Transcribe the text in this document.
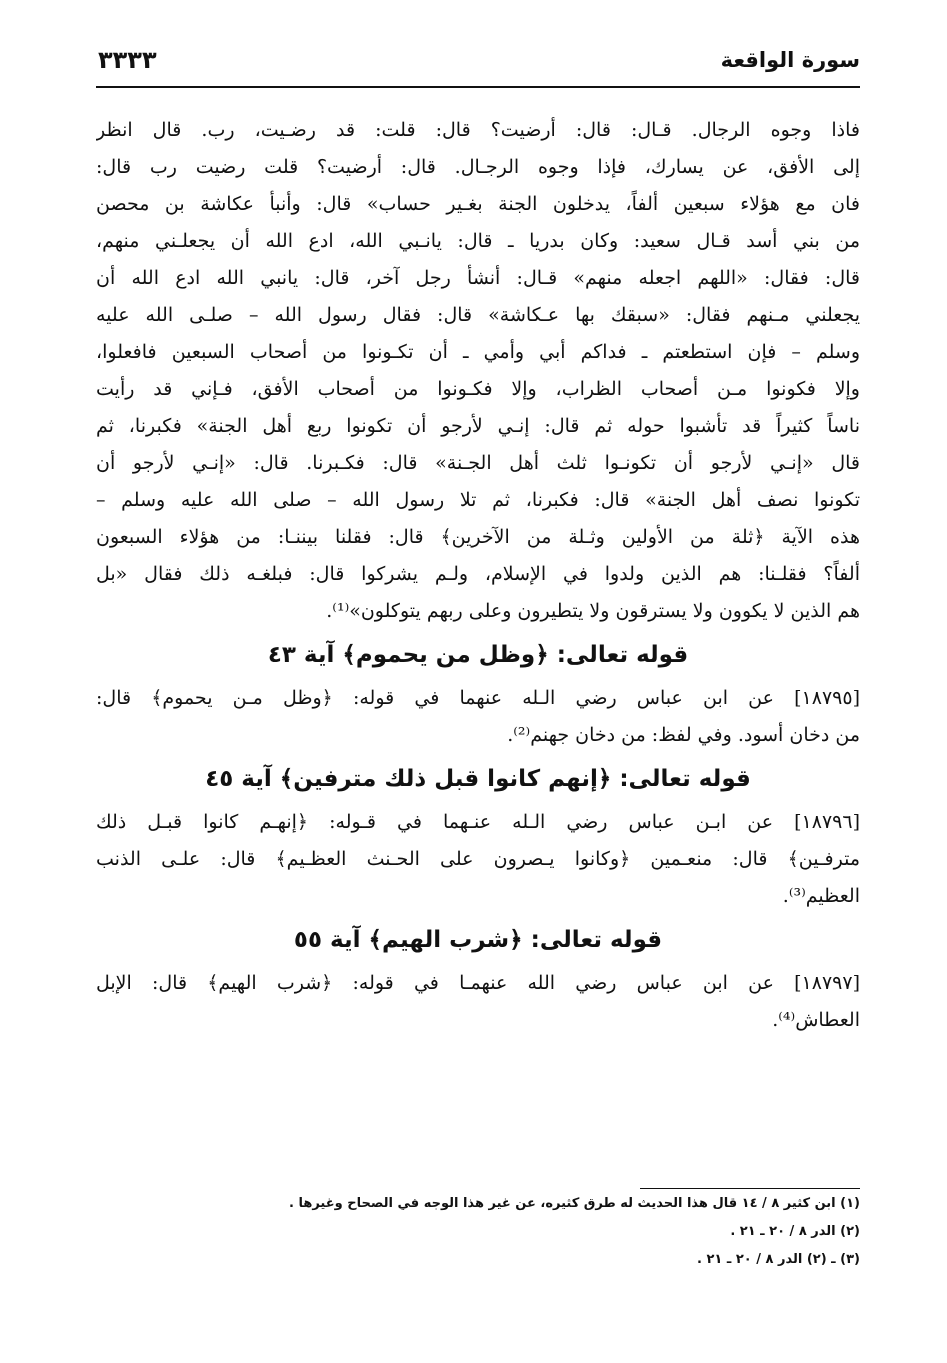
سورة الواقعة
٣٣٣٣
فاذا وجوه الرجال. قـال: قال: أرضيت؟ قال: قلت: قد رضـيت، رب. قال انظر
إلى الأفق، عن يسارك، فإذا وجوه الرجـال. قال: أرضيت؟ قلت رضيت رب قال:
فان مع هؤلاء سبعين ألفاً، يدخلون الجنة بغـير حساب» قال: وأنبأ عكاشة بن محصن
من بني أسد قـال سعيد: وكان بدريا ـ قال: يانـبي الله، ادع الله أن يجعلـني منهم،
قال: فقال: «اللهم اجعله منهم» قـال: أنشأ رجل آخر، قال: يانبي الله ادع الله أن
يجعلني مـنهم فقال: «سبقك بها عـكاشة» قال: فقال رسول الله – صلـى الله عليه
وسلم – فإن استطعتم ـ فداكم أبي وأمي ـ أن تكـونوا من أصحاب السبعين فافعلوا،
وإلا فكونوا مـن أصحاب الظراب، وإلا فكـونوا من أصحاب الأفق، فـإني قد رأيت
ناساً كثيراً قد تأشبوا حوله ثم قال: إنـي لأرجو أن تكونوا ربع أهل الجنة» فكبرنا، ثم
قال «إنـي لأرجو أن تكونـوا ثلث أهل الجـنة» قال: فكـبرنا. قال: «إنـي لأرجو أن
تكونوا نصف أهل الجنة» قال: فكبرنا، ثم تلا رسول الله – صلى الله عليه وسلم –
هذه الآية ﴿ثلة من الأولين وثـلة من الآخرين﴾ قال: فقلنا بيننـا: من هؤلاء السبعون
ألفاً؟ فقلـنا: هم الذين ولدوا في الإسلام، ولـم يشركوا قال: فبلغـه ذلك فقال «بل
هم الذين لا يكوون ولا يسترقون ولا يتطيرون وعلى ربهم يتوكلون»⁽¹⁾.
قوله تعالى: ﴿وظل من يحموم﴾ آية ٤٣
[١٨٧٩٥] عن ابن عباس رضي الـله عنهما في قوله: ﴿وظل مـن يحموم﴾ قال:
من دخان أسود. وفي لفظ: من دخان جهنم⁽²⁾.
قوله تعالى: ﴿إنهم كانوا قبل ذلك مترفين﴾ آية ٤٥
[١٨٧٩٦] عن ابـن عباس رضي الـله عنـهما في قـوله: ﴿إنهـم كانوا قبـل ذلك
مترفـين﴾ قال: منعـمين ﴿وكانوا يـصرون على الحـنث العظـيم﴾ قال: علـى الذنب
العظيم⁽³⁾.
قوله تعالى: ﴿شرب الهيم﴾ آية ٥٥
[١٨٧٩٧] عن ابن عباس رضي الله عنهمـا في قوله: ﴿شرب الهيم﴾ قال: الإبل
العطاش⁽⁴⁾.
(١) ابن كثير ٨ / ١٤ قال هذا الحديث له طرق كثيره، عن غير هذا الوجه في الصحاح وغيرها .
(٢) الدر ٨ / ٢٠ ـ ٢١ .
(٣) ـ (٢) الدر ٨ / ٢٠ ـ ٢١ .
